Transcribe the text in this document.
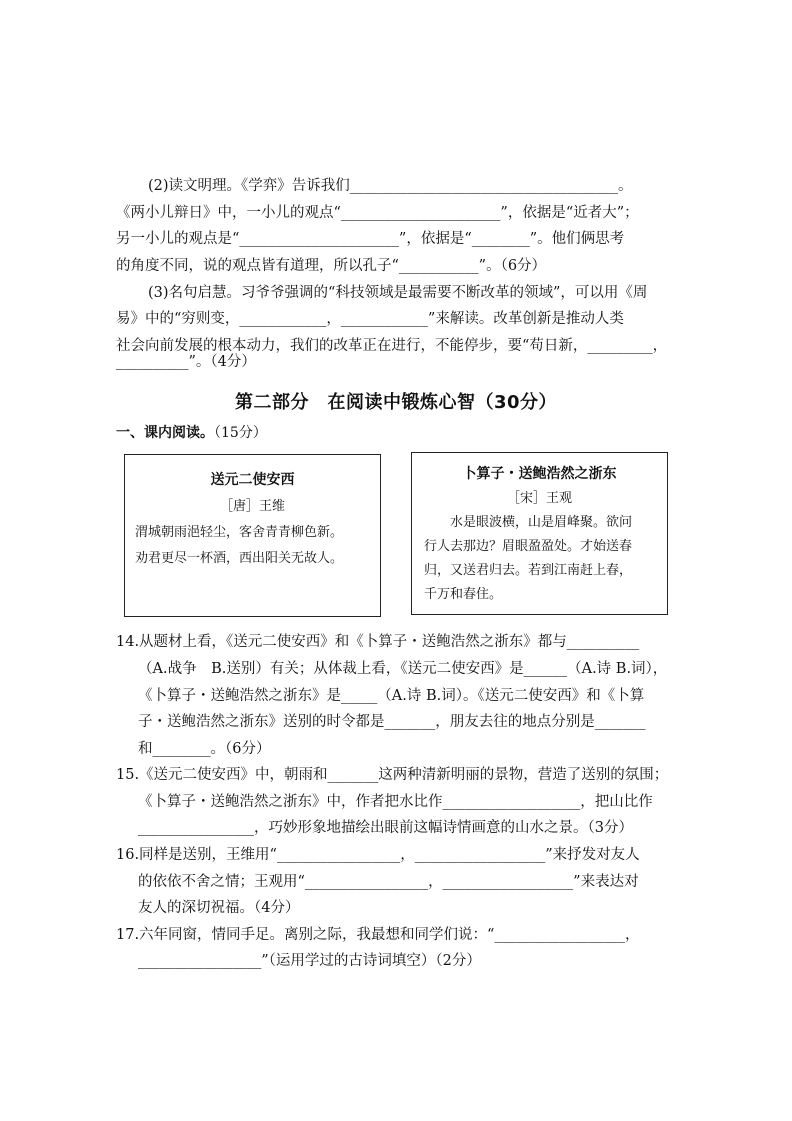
(2)读文明理。《学弈》告诉我们_____________________________________。
《两小儿辩日》中，一小儿的观点“______________________”，依据是“近者大”；
另一小儿的观点是“______________________”，依据是“________”。他们俩思考
的角度不同，说的观点皆有道理，所以孔子“___________”。（6分）
(3)名句启慧。习爷爷强调的“科技领域是最需要不断改革的领域”，可以用《周
易》中的“穷则变，____________，____________”来解读。改革创新是推动人类
社会向前发展的根本动力，我们的改革正在进行，不能停步，要“苟日新，_________，
__________”。（4分）
第二部分　在阅读中锻炼心智（30分）
一、课内阅读。（15分）
送元二使安西
［唐］王维
渭城朝雨浥轻尘，客舍青青柳色新。
劝君更尽一杯酒，西出阳关无故人。
卜算子・送鲍浩然之浙东
［宋］王观
水是眼波横，山是眉峰聚。欲问
行人去那边？眉眼盈盈处。才始送春
归，又送君归去。若到江南赶上春，
千万和春住。
14.从题材上看，《送元二使安西》和《卜算子・送鲍浩然之浙东》都与__________
（A.战争　B.送别）有关；从体裁上看，《送元二使安西》是______（A.诗 B.词），
《卜算子・送鲍浩然之浙东》是_____（A.诗 B.词）。《送元二使安西》和《卜算
子・送鲍浩然之浙东》送别的时令都是_______，朋友去往的地点分别是_______
和________。（6分）
15.《送元二使安西》中，朝雨和_______这两种清新明丽的景物，营造了送别的氛围；
《卜算子・送鲍浩然之浙东》中，作者把水比作___________________，把山比作
________________，巧妙形象地描绘出眼前这幅诗情画意的山水之景。（3分）
16.同样是送别，王维用“_________________，__________________”来抒发对友人
的依依不舍之情；王观用“_________________，__________________”来表达对
友人的深切祝福。（4分）
17.六年同窗，情同手足。离别之际，我最想和同学们说：“__________________，
_________________”（运用学过的古诗词填空）（2分）
